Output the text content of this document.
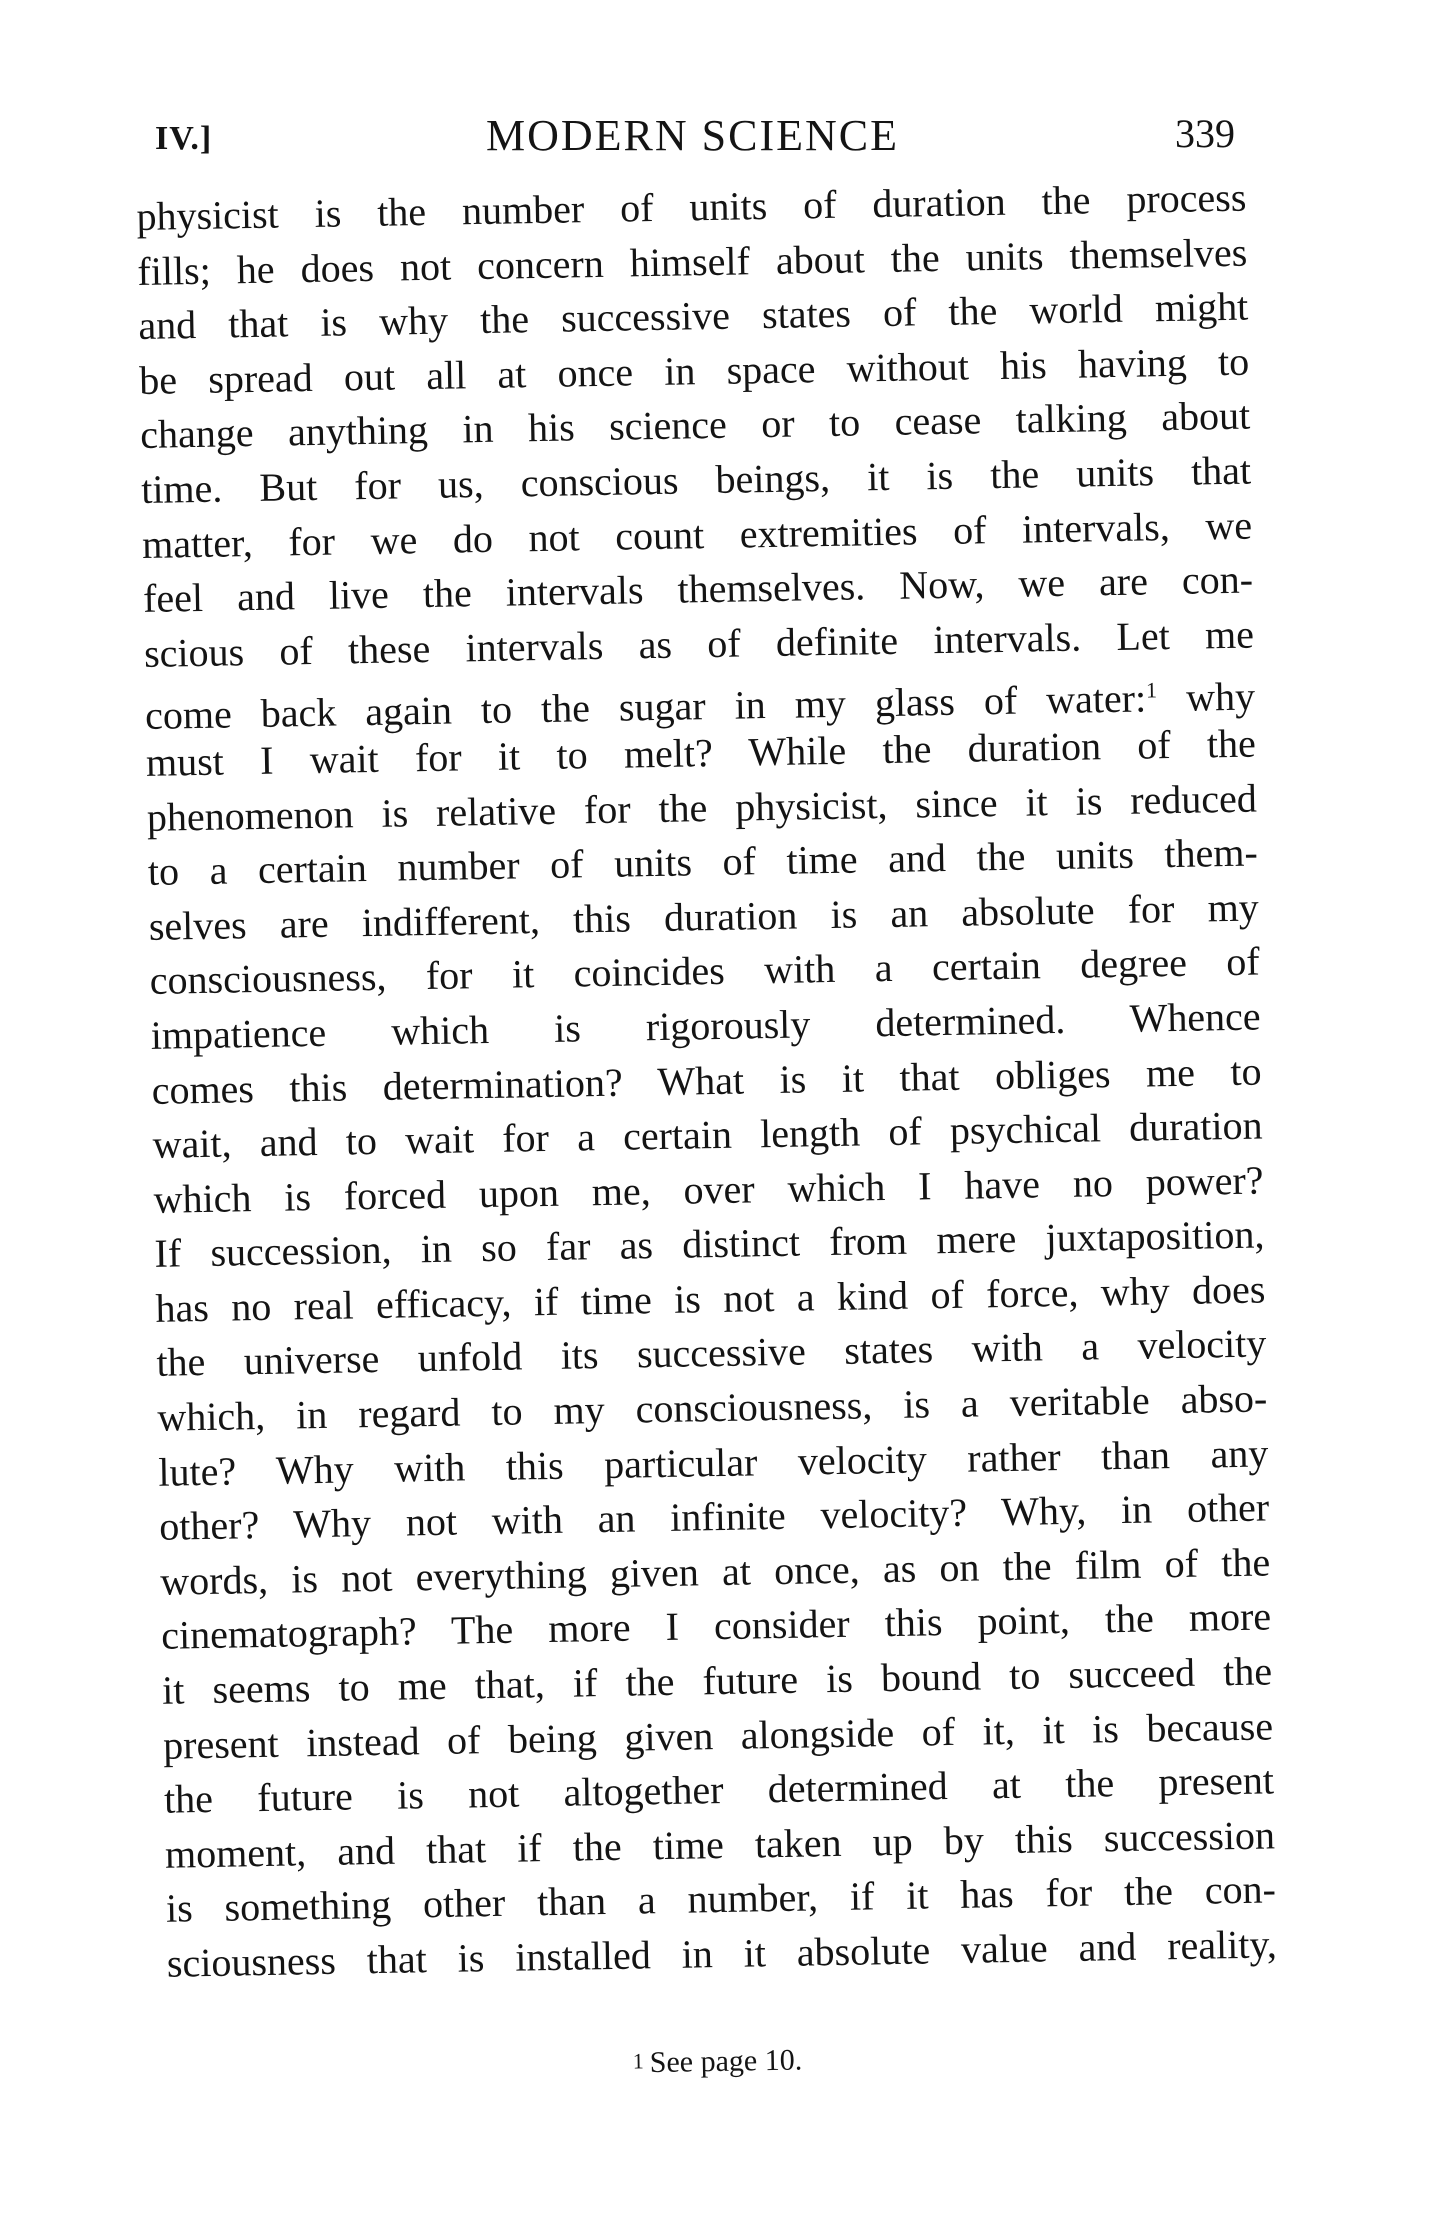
IV.]	MODERN SCIENCE	339
physicist is the number of units of duration the process
fills; he does not concern himself about the units themselves
and that is why the successive states of the world might
be spread out all at once in space without his having to
change anything in his science or to cease talking about
time. But for us, conscious beings, it is the units that
matter, for we do not count extremities of intervals, we
feel and live the intervals themselves. Now, we are con-
scious of these intervals as of definite intervals. Let me
come back again to the sugar in my glass of water:$^1$ why
must I wait for it to melt? While the duration of the
phenomenon is relative for the physicist, since it is reduced
to a certain number of units of time and the units them-
selves are indifferent, this duration is an absolute for my
consciousness, for it coincides with a certain degree of
impatience which is rigorously determined. Whence
comes this determination? What is it that obliges me to
wait, and to wait for a certain length of psychical duration
which is forced upon me, over which I have no power?
If succession, in so far as distinct from mere juxtaposition,
has no real efficacy, if time is not a kind of force, why does
the universe unfold its successive states with a velocity
which, in regard to my consciousness, is a veritable abso-
lute? Why with this particular velocity rather than any
other? Why not with an infinite velocity? Why, in other
words, is not everything given at once, as on the film of the
cinematograph? The more I consider this point, the more
it seems to me that, if the future is bound to succeed the
present instead of being given alongside of it, it is because
the future is not altogether determined at the present
moment, and that if the time taken up by this succession
is something other than a number, if it has for the con-
sciousness that is installed in it absolute value and reality,
1 See page 10.
